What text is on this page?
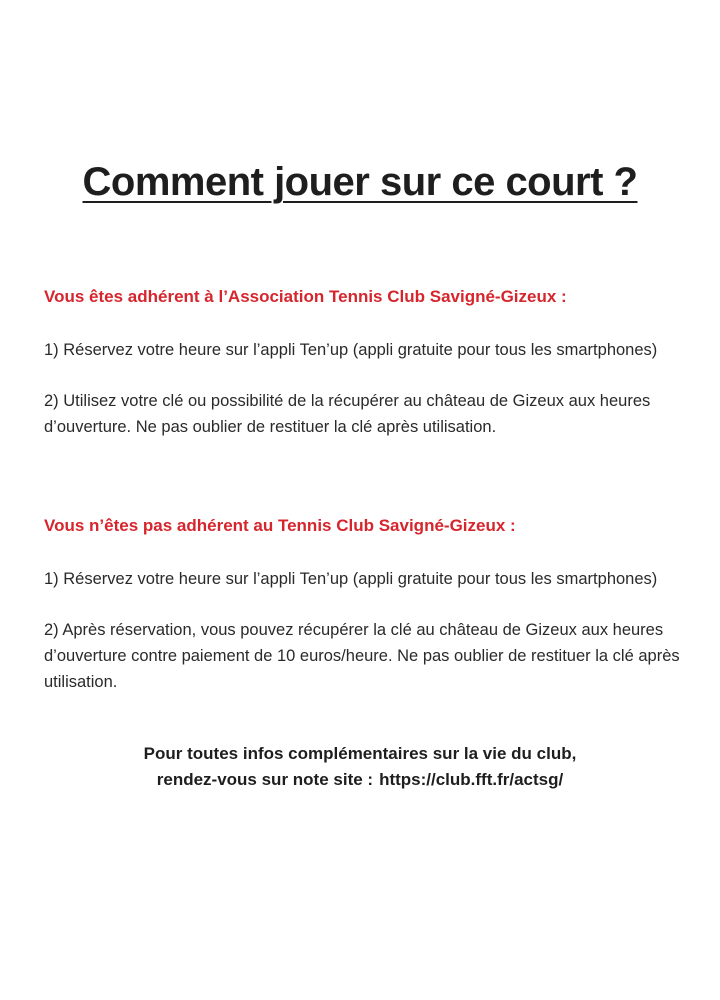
Comment jouer sur ce court ?
Vous êtes adhérent à l’Association Tennis Club Savigné-Gizeux :

1) Réservez votre heure sur l’appli Ten’up (appli gratuite pour tous les smartphones)

2) Utilisez votre clé ou possibilité de la récupérer au château de Gizeux aux heures d’ouverture. Ne pas oublier de restituer la clé après utilisation.

Vous n’êtes pas adhérent au Tennis Club Savigné-Gizeux :

1) Réservez votre heure sur l’appli Ten’up (appli gratuite pour tous les smartphones)

2) Après réservation, vous pouvez récupérer la clé au château de Gizeux aux heures d’ouverture contre paiement de 10 euros/heure. Ne pas oublier de restituer la clé après utilisation.

Pour toutes infos complémentaires sur la vie du club,
rendez-vous sur note site : https://club.fft.fr/actsg/
